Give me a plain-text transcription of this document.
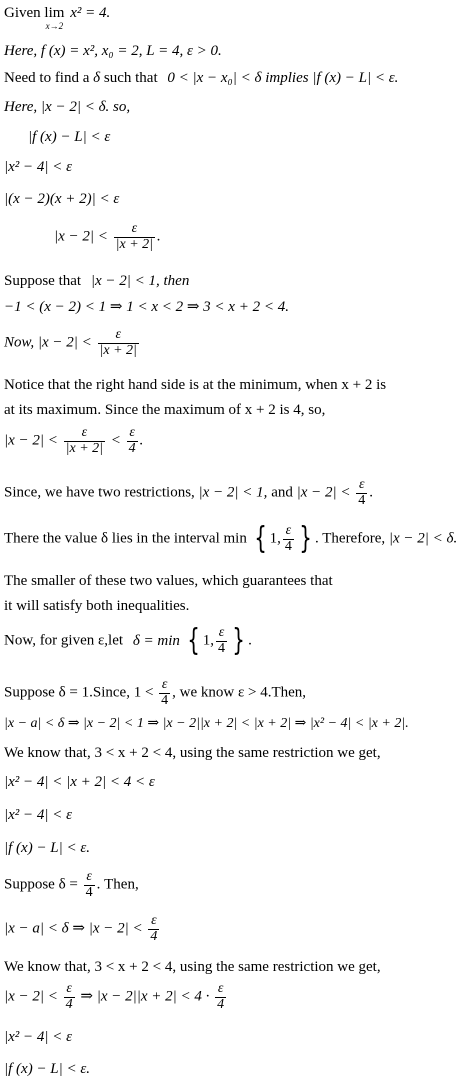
Given lim
x→2
x² = 4.
Here, f (x) = x², x₀ = 2, L = 4, ε > 0.
Need to find a δ such that 0 < |x − x₀| < δ implies |f (x) − L| < ε.
Here, |x − 2| < δ. so,
|f (x) − L| < ε
|x² − 4| < ε
|(x − 2)(x + 2)| < ε
$|x - 2| < \frac{\varepsilon}{|x + 2|}$ .
Suppose that |x − 2| < 1, then
−1 < (x − 2) < 1 ⇒ 1 < x < 2 ⇒ 3 < x + 2 < 4.
Now, $|x - 2| < \frac{\varepsilon}{|x + 2|}$
Notice that the right hand side is at the minimum, when x + 2 is
at its maximum. Since the maximum of x + 2 is 4, so,
$|x - 2| < \frac{\varepsilon}{|x + 2|} < \frac{\varepsilon}{4}$ .
Since, we have two restrictions, |x − 2| < 1, and $|x - 2| < \frac{\varepsilon}{4}$ .
There the value δ lies in the interval min { 1, $\frac{\varepsilon}{4}$ } . Therefore, |x − 2| < δ.
The smaller of these two values, which guarantees that
it will satisfy both inequalities.
Now, for given ε,let δ = min { 1, $\frac{\varepsilon}{4}$ } .
Suppose δ = 1.Since, $1 < \frac{\varepsilon}{4}$ , we know ε > 4.Then,
|x − a| < δ ⇒ |x − 2| < 1 ⇒ |x − 2||x + 2| < |x + 2| ⇒ |x² − 4| < |x + 2|.
We know that, 3 < x + 2 < 4, using the same restriction we get,
|x² − 4| < |x + 2| < 4 < ε
|x² − 4| < ε
|f (x) − L| < ε.
Suppose $\delta = \frac{\varepsilon}{4}$ . Then,
|x − a| < δ ⇒ $|x - 2| < \frac{\varepsilon}{4}$
We know that, 3 < x + 2 < 4, using the same restriction we get,
$|x - 2| < \frac{\varepsilon}{4}$ ⇒ $|x - 2||x + 2| < 4 \cdot \frac{\varepsilon}{4}$
|x² − 4| < ε
|f (x) − L| < ε.
